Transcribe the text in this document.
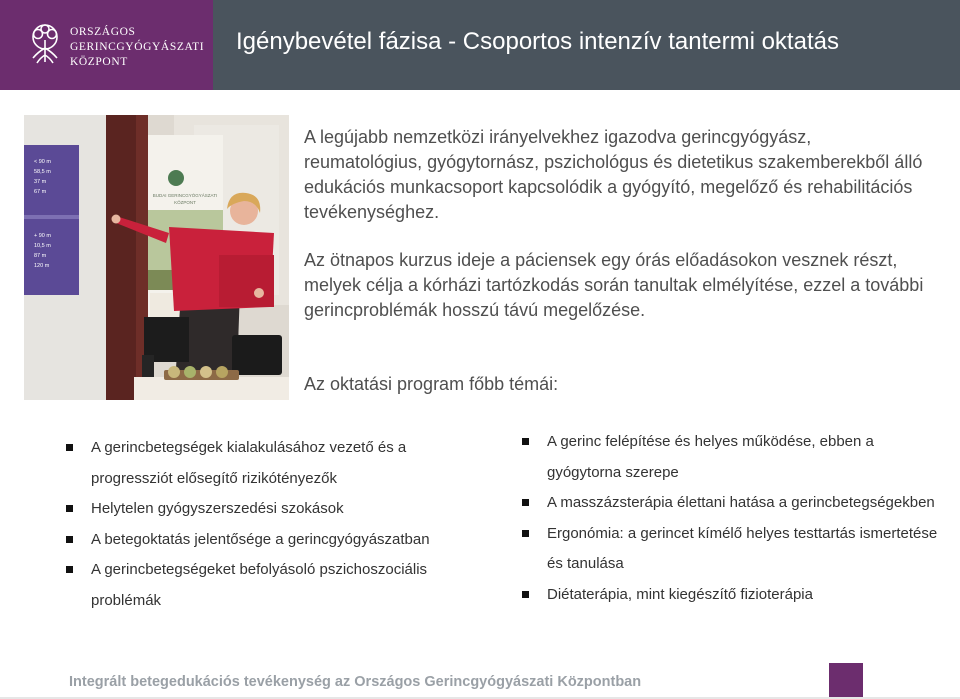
ORSZÁGOS
GERINCGYÓGYÁSZATI
KÖZPONT
Igénybevétel fázisa - Csoportos intenzív tantermi oktatás
< 90 m
58,5 m
37 m
67 m
+ 90 m
10,5 m
87 m
120 m
BUDAI GERINCGYÓGYÁSZATI
KÖZPONT
A legújabb nemzetközi irányelvekhez igazodva gerincgyógyász, reumatológius, gyógytornász, pszichológus és dietetikus szakemberekből álló edukációs munkacsoport kapcsolódik a gyógyító, megelőző és rehabilitációs tevékenységhez.
Az ötnapos kurzus ideje a páciensek egy órás előadásokon vesznek részt, melyek célja a kórházi tartózkodás során tanultak elmélyítése, ezzel a további gerincproblémák hosszú távú megelőzése.
Az oktatási program főbb témái:
A gerincbetegségek kialakulásához vezető és a progressziót elősegítő rizikótényezők
Helytelen gyógyszerszedési szokások
A betegoktatás jelentősége a gerincgyógyászatban
A gerincbetegségeket befolyásoló pszichoszociális problémák
A gerinc felépítése és helyes működése, ebben a gyógytorna szerepe
A masszázsterápia élettani hatása a gerincbetegségekben
Ergonómia: a gerincet kímélő helyes testtartás ismertetése és tanulása
Diétaterápia, mint kiegészítő fizioterápia
Integrált betegedukációs tevékenység az Országos Gerincgyógyászati Központban
